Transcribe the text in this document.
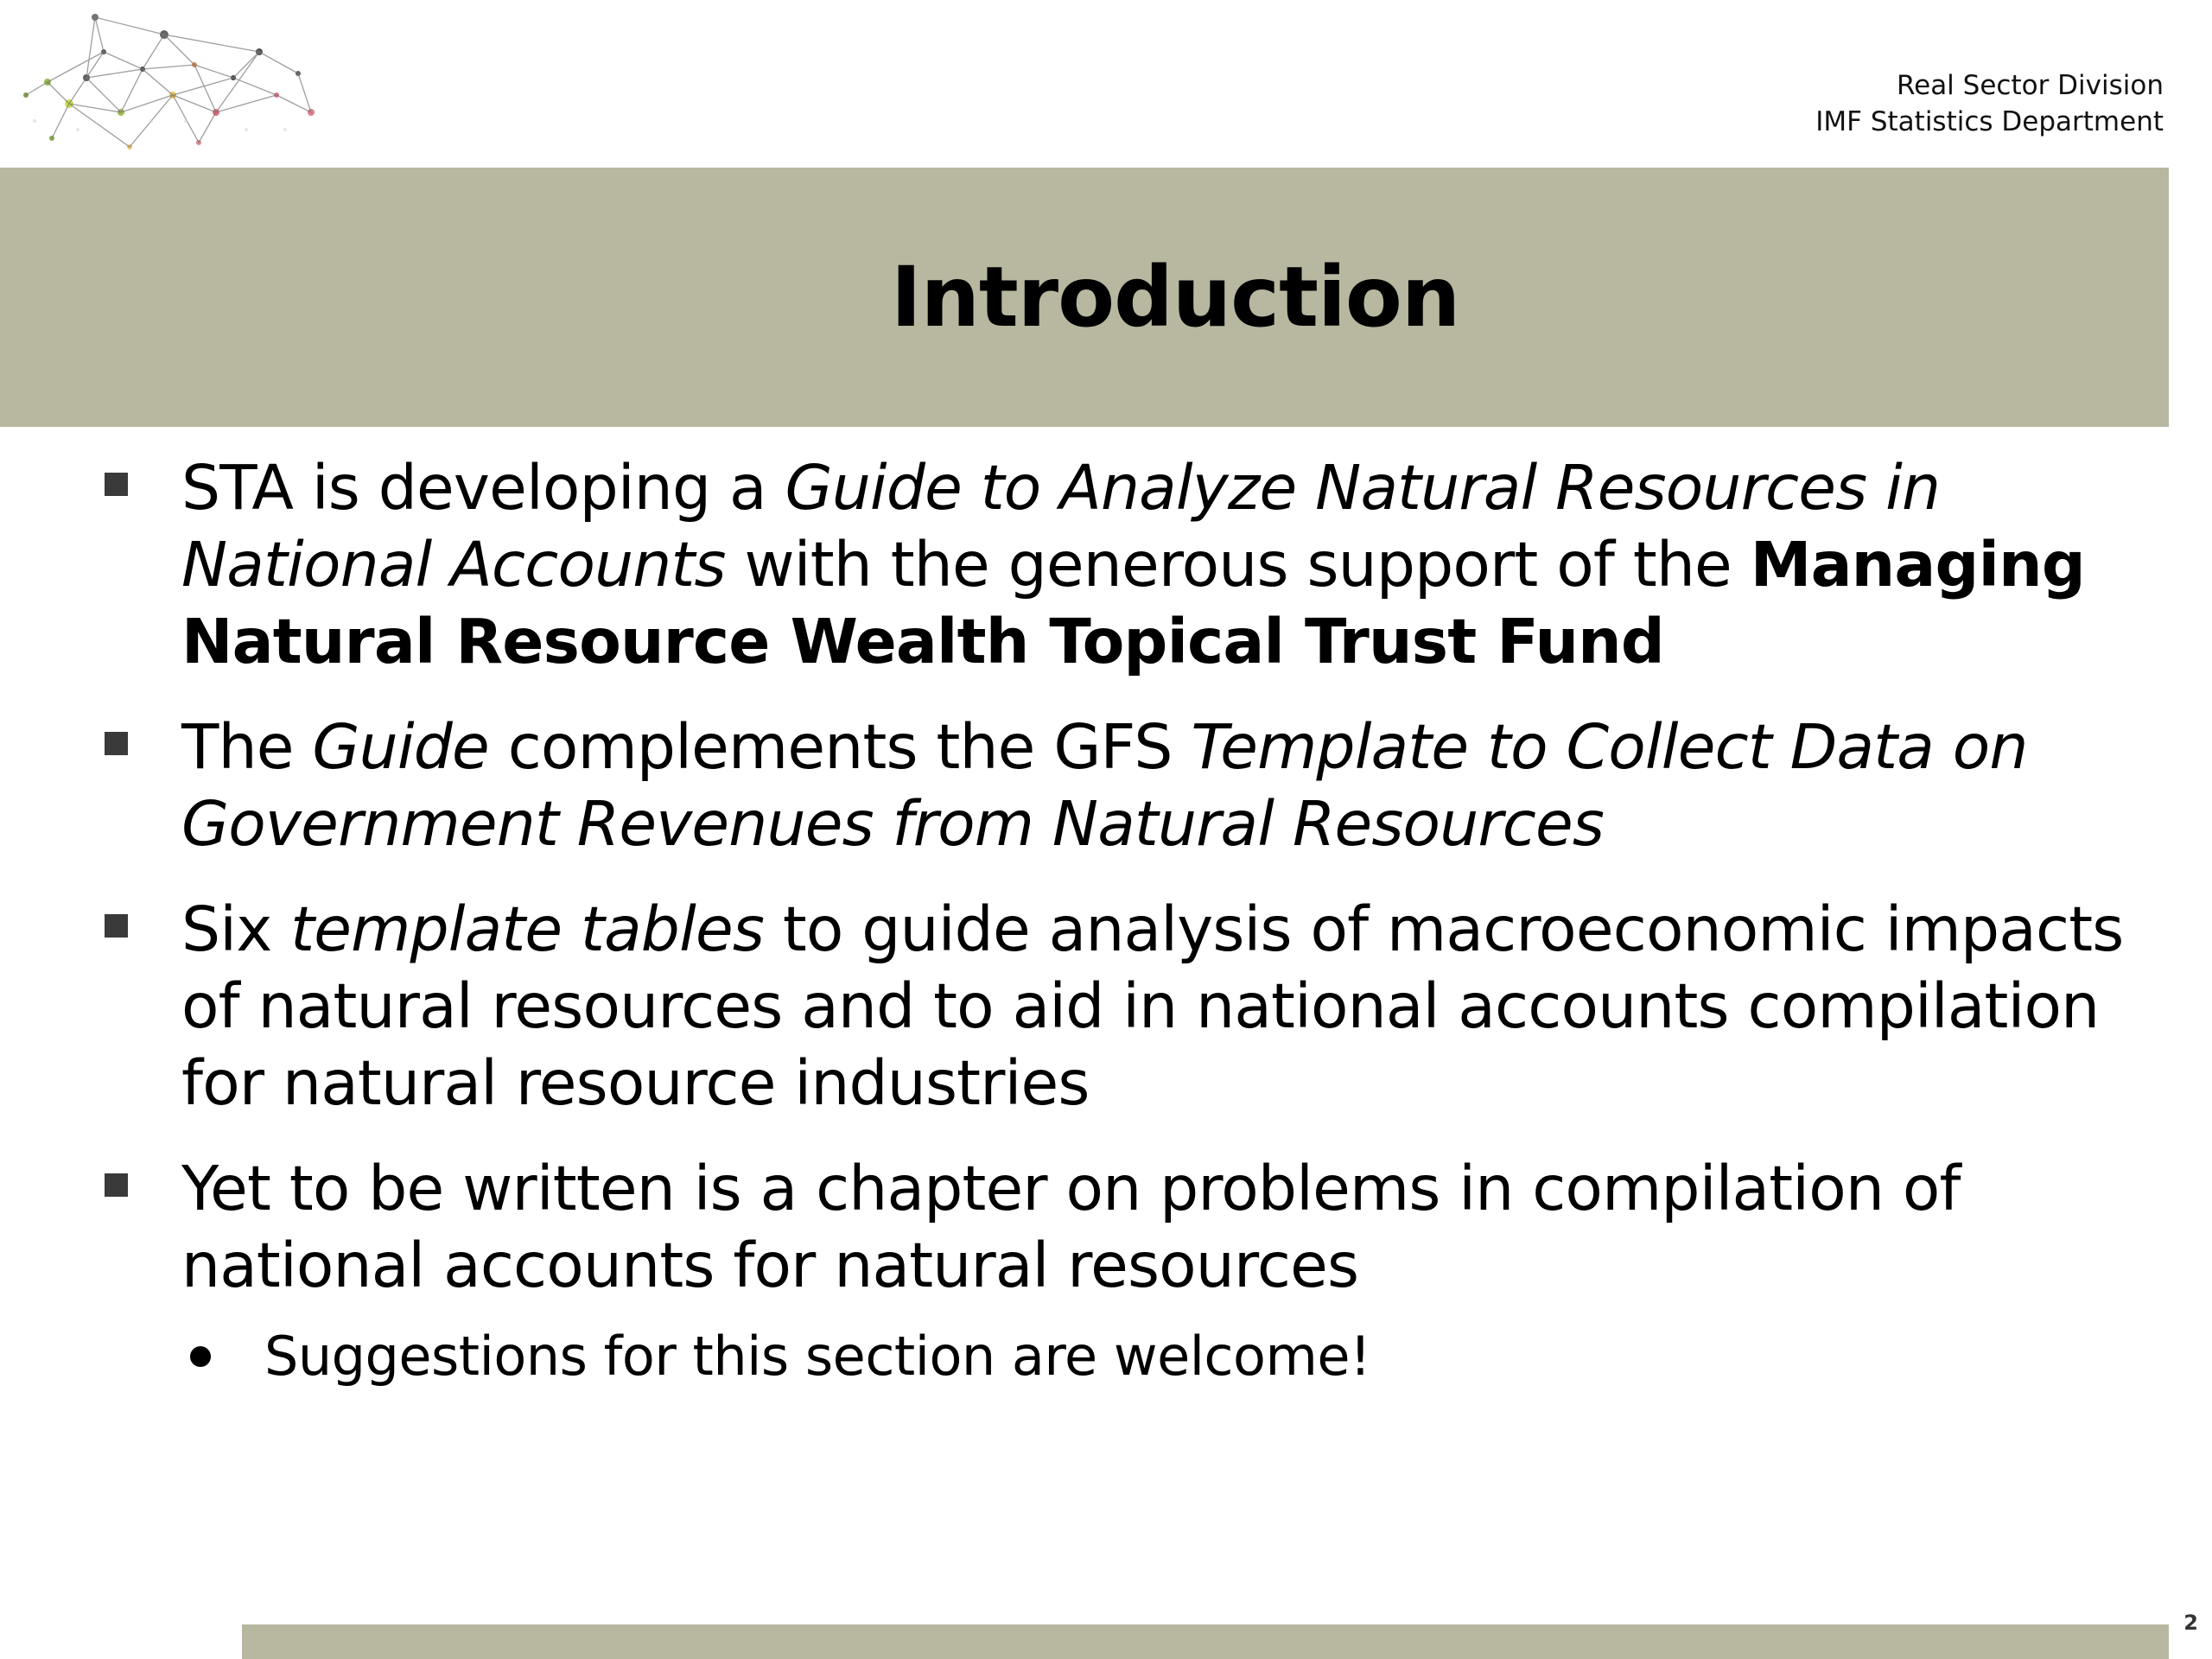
Real Sector Division
IMF Statistics Department
Introduction
STA is developing a Guide to Analyze Natural Resources in National Accounts with the generous support of the Managing Natural Resource Wealth Topical Trust Fund
The Guide complements the GFS Template to Collect Data on Government Revenues from Natural Resources
Six template tables to guide analysis of macroeconomic impacts of natural resources and to aid in national accounts compilation for natural resource industries
Yet to be written is a chapter on problems in compilation of national accounts for natural resources
Suggestions for this section are welcome!
2
